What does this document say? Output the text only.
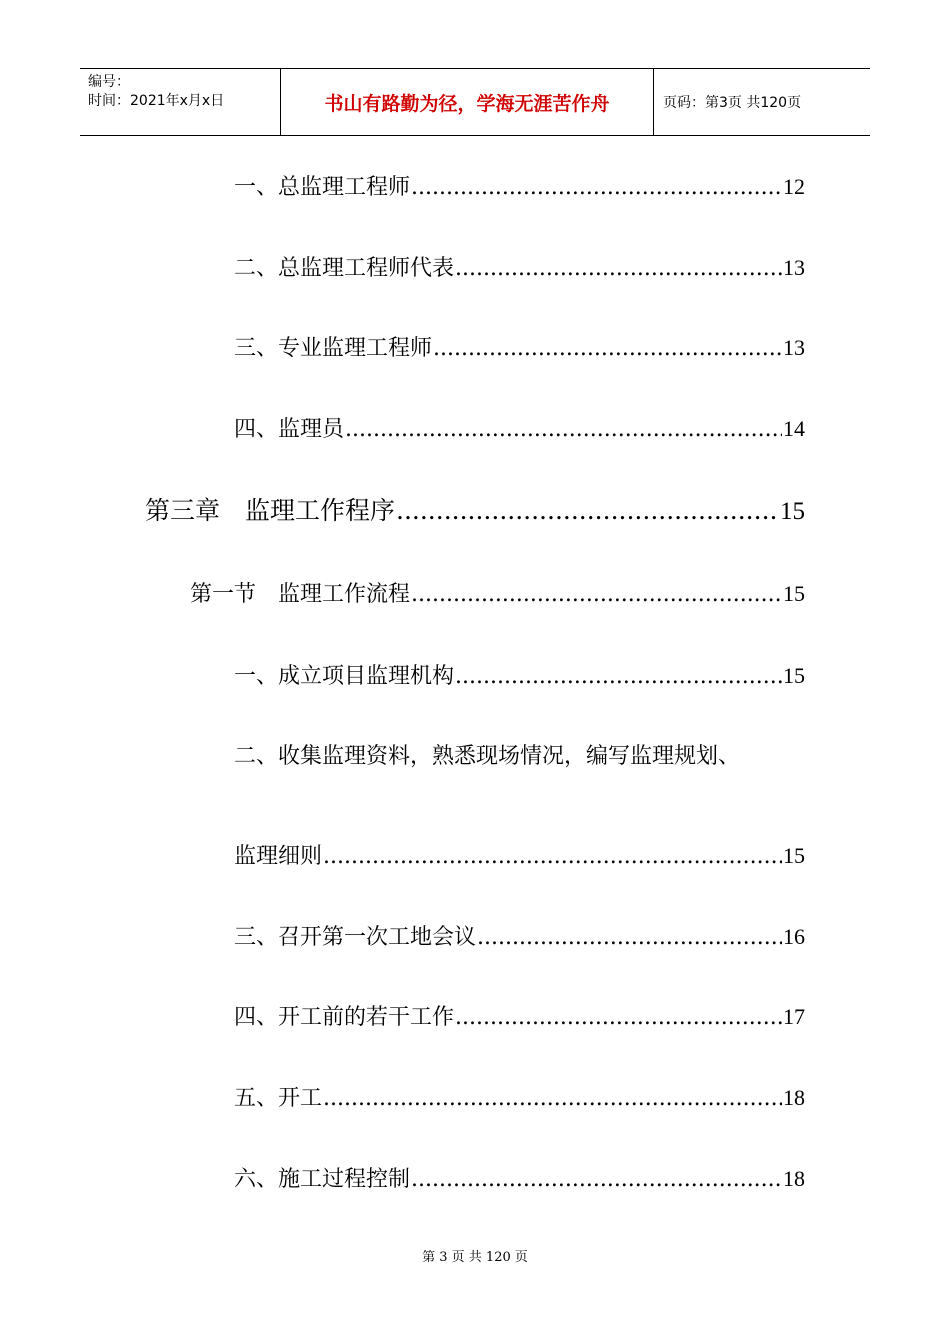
编号：
时间：2021年x月x日	书山有路勤为径，学海无涯苦作舟	页码：第3页 共120页
一、总监理工程师 .....	12
二、总监理工程师代表 .....	13
三、专业监理工程师 .....	13
四、监理员 .....	14
第三章　监理工作程序 .....	15
第一节　监理工作流程 .....	15
一、成立项目监理机构 .....	15
二、收集监理资料，熟悉现场情况，编写监理规划、
监理细则 .....	15
三、召开第一次工地会议 .....	16
四、开工前的若干工作 .....	17
五、开工 .....	18
六、施工过程控制 .....	18
第 3 页 共 120 页
